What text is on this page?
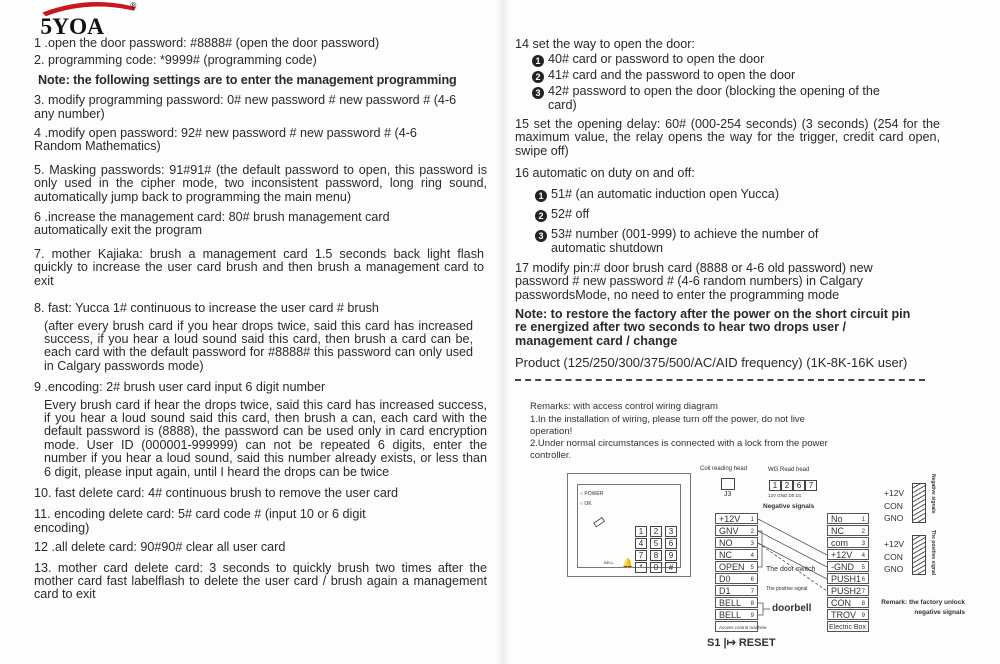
5YOA
®
1 .open the door password: #8888# (open the door password)
2. programming code: *9999# (programming code)
Note: the following settings are to enter the management programming
3. modify programming password: 0# new password # new password # (4-6 any number)
4 .modify open password: 92# new password # new password # (4-6 Random Mathematics)
5. Masking passwords: 91#91# (the default password to open, this password is only used in the cipher mode, two inconsistent password, long ring sound, automatically jump back to programming the main menu)
6 .increase the management card: 80# brush management card automatically exit the program
7. mother Kajiaka: brush a management card 1.5 seconds back light flash quickly to increase the user card brush and then brush a management card to exit
8. fast: Yucca 1# continuous to increase the user card # brush
(after every brush card if you hear drops twice, said this card has increased success, if you hear a loud sound said this card, then brush a card can be, each card with the default password for #8888# this password can only used in Calgary passwords mode)
9 .encoding: 2# brush user card input 6 digit number
Every brush card if hear the drops twice, said this card has increased success, if you hear a loud sound said this card, then brush a can, each card with the default password is (8888), the password can be used only in card encryption mode. User ID (000001-999999) can not be repeated 6 digits, enter the number if you hear a loud sound, said this number already exists, or less than 6 digit, please input again, until I heard the drops can be twice
10. fast delete card: 4# continuous brush to remove the user card
11. encoding delete card: 5# card code # (input 10 or 6 digit encoding)
12 .all delete card: 90#90# clear all user card
13. mother card delete card: 3 seconds to quickly brush two times after the mother card fast labelflash to delete the user card / brush again a management card to exit
14 set the way to open the door:
1 40# card or password to open the door
2 41# card and the password to open the door
3 42# password to open the door (blocking the opening of the card)
15 set the opening delay: 60# (000-254 seconds) (3 seconds) (254 for the maximum value, the relay opens the way for the trigger, credit card open, swipe off)
16 automatic on duty on and off:
1 51# (an automatic induction open Yucca)
2 52# off
3 53# number (001-999) to achieve the number of automatic shutdown
17 modify pin:# door brush card (8888 or 4-6 old password) new password # new password # (4-6 random numbers) in Calgary passwordsMode, no need to enter the programming mode
Note: to restore the factory after the power on the short circuit pin re energized after two seconds to hear two drops user / management card / change
Product (125/250/300/375/500/AC/AID frequency) (1K-8K-16K user)
Remarks: with access control wiring diagram
1.In the installation of wiring, please turn off the power, do not live operation!
2.Under normal circumstances is connected with a lock from the power controller.
○ POWER
○ OK
▭
BELL 🔔
1	2	3
4	5	6
7	8	9
*	0	#
Coil reading head
J3
WG Read head
1 2 6 7
12V GND D0 D1
+12V 1
GNV 2
NO	3
NC	4
OPEN 5
D0	6
D1	7
BELL 8
BELL 9
No	1
NC	2
com 3
+12V 4
-GND 5
PUSH1 6
PUSH2 7
CON 8
TROV 9
Access control machine	Electric Box
Negative signals
The positive signal
The door switch
doorbell
S1 |↦ RESET
+12V
CON
GNO
Negative signals
+12V
CON
GNO	The positive signal
Remark: the factory unlock negative signals
